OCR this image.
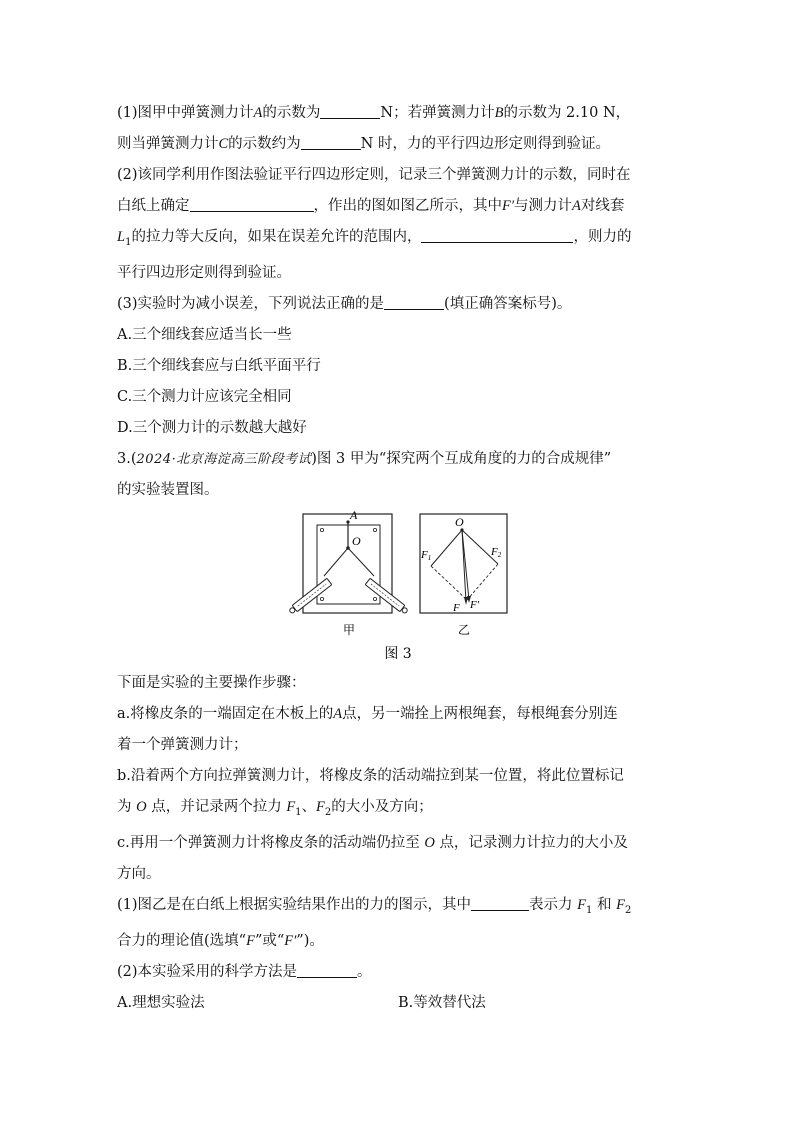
(1)图甲中弹簧测力计A的示数为	N；若弹簧测力计B的示数为 2.10 N，
则当弹簧测力计C的示数约为	N 时，力的平行四边形定则得到验证。
(2)该同学利用作图法验证平行四边形定则，记录三个弹簧测力计的示数，同时在
白纸上确定	，作出的图如图乙所示，其中F′与测力计A对线套
$L_1$的拉力等大反向，如果在误差允许的范围内，	，则力的
平行四边形定则得到验证。
(3)实验时为减小误差，下列说法正确的是	(填正确答案标号)。
A.三个细线套应适当长一些
B.三个细线套应与白纸平面平行
C.三个测力计应该完全相同
D.三个测力计的示数越大越好
3.(2024·北京海淀高三阶段考试)图 3 甲为“探究两个互成角度的力的合成规律”
的实验装置图。
A
O
甲
O
F1	F2
F F′
乙
图 3
下面是实验的主要操作步骤：
a.将橡皮条的一端固定在木板上的A点，另一端拴上两根绳套，每根绳套分别连
着一个弹簧测力计；
b.沿着两个方向拉弹簧测力计，将橡皮条的活动端拉到某一位置，将此位置标记
为 O 点，并记录两个拉力 $F_1$、$F_2$的大小及方向；
c.再用一个弹簧测力计将橡皮条的活动端仍拉至 O 点，记录测力计拉力的大小及
方向。
(1)图乙是在白纸上根据实验结果作出的力的图示，其中	表示力 $F_1$ 和 $F_2$
合力的理论值(选填“F”或“F′”)。
(2)本实验采用的科学方法是	。
A.理想实验法	B.等效替代法
